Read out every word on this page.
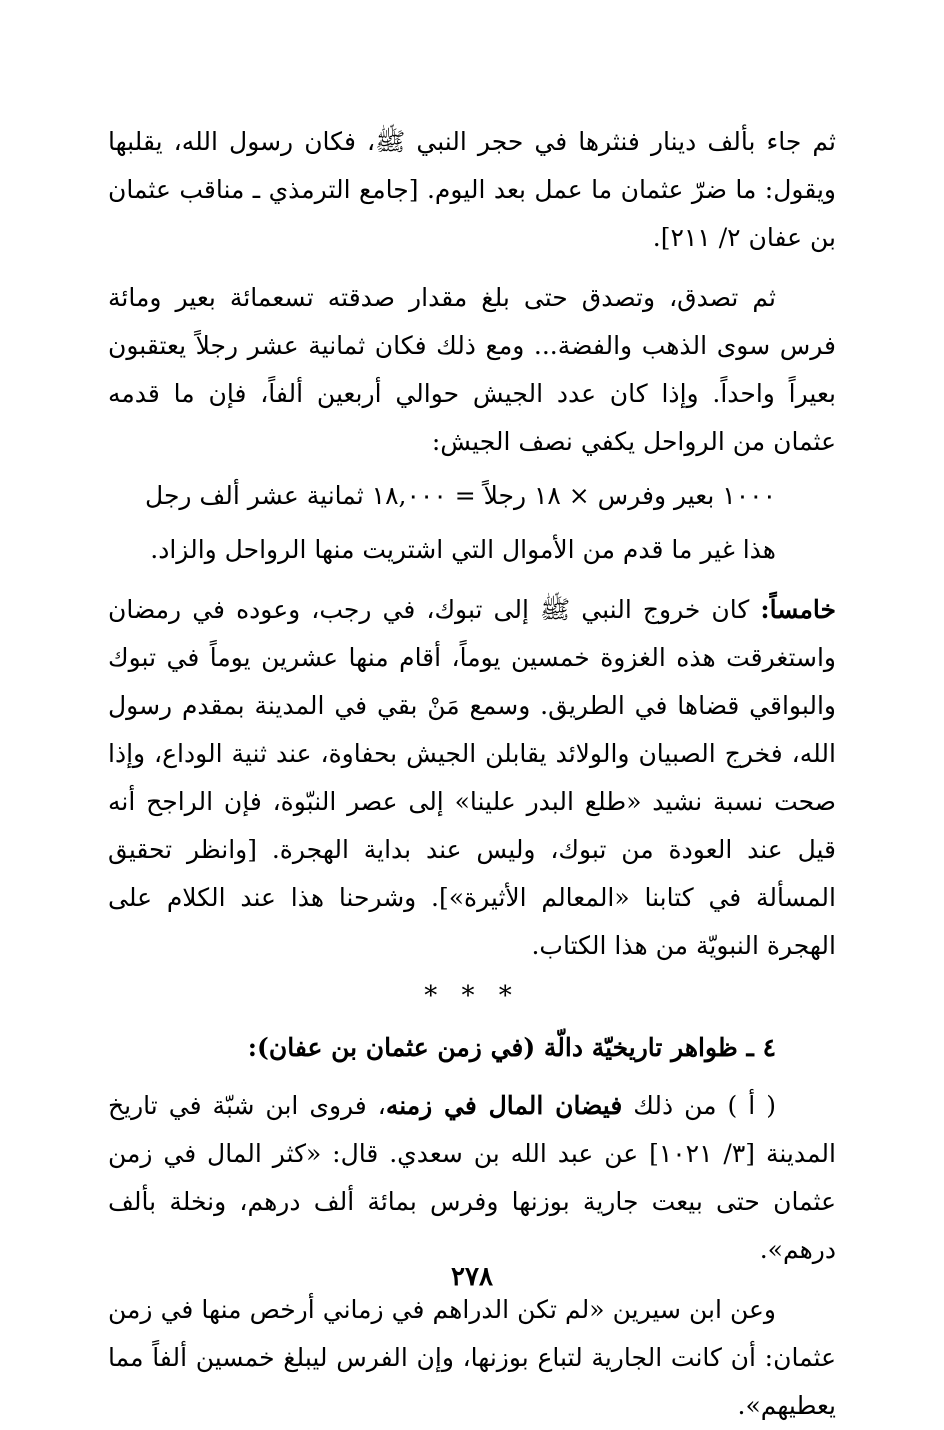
ثم جاء بألف دينار فنثرها في حجر النبي ﷺ، فكان رسول الله، يقلبها ويقول: ما ضرّ عثمان ما عمل بعد اليوم. [جامع الترمذي ـ مناقب عثمان بن عفان ٢/ ٢١١].

ثم تصدق، وتصدق حتى بلغ مقدار صدقته تسعمائة بعير ومائة فرس سوى الذهب والفضة... ومع ذلك فكان ثمانية عشر رجلاً يعتقبون بعيراً واحداً. وإذا كان عدد الجيش حوالي أربعين ألفاً، فإن ما قدمه عثمان من الرواحل يكفي نصف الجيش:

١٠٠٠ بعير وفرس × ١٨ رجلاً = ١٨,٠٠٠ ثمانية عشر ألف رجل

هذا غير ما قدم من الأموال التي اشتريت منها الرواحل والزاد.

خامساً: كان خروج النبي ﷺ إلى تبوك، في رجب، وعوده في رمضان واستغرقت هذه الغزوة خمسين يوماً، أقام منها عشرين يوماً في تبوك والبواقي قضاها في الطريق. وسمع مَنْ بقي في المدينة بمقدم رسول الله، فخرج الصبيان والولائد يقابلن الجيش بحفاوة، عند ثنية الوداع، وإذا صحت نسبة نشيد «طلع البدر علينا» إلى عصر النبّوة، فإن الراجح أنه قيل عند العودة من تبوك، وليس عند بداية الهجرة. [وانظر تحقيق المسألة في كتابنا «المعالم الأثيرة»]. وشرحنا هذا عند الكلام على الهجرة النبويّة من هذا الكتاب.

* * *

٤ ـ ظواهر تاريخيّة دالّة (في زمن عثمان بن عفان):

( أ ) من ذلك فيضان المال في زمنه، فروى ابن شبّة في تاريخ المدينة [٣/ ١٠٢١] عن عبد الله بن سعدي. قال: «كثر المال في زمن عثمان حتى بيعت جارية بوزنها وفرس بمائة ألف درهم، ونخلة بألف درهم».

وعن ابن سيرين «لم تكن الدراهم في زماني أرخص منها في زمن عثمان: أن كانت الجارية لتباع بوزنها، وإن الفرس ليبلغ خمسين ألفاً مما يعطيهم».

٢٧٨
